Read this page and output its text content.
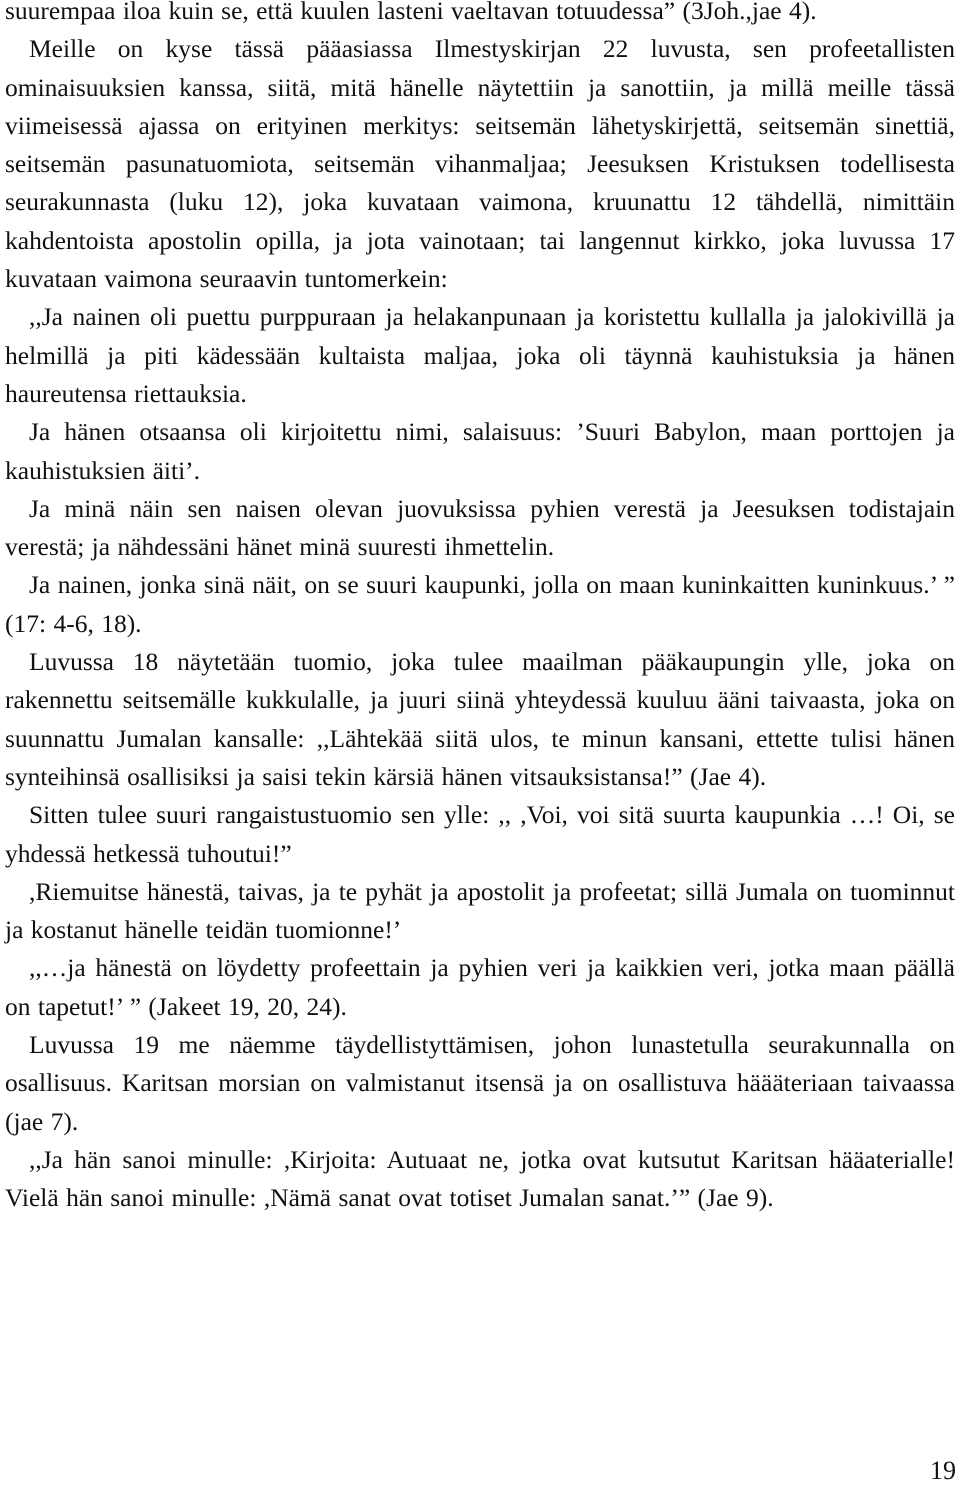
suurempaa iloa kuin se, että kuulen lasteni vaeltavan totuudessa” (3Joh.,jae 4).

Meille on kyse tässä pääasiassa Ilmestyskirjan 22 luvusta, sen profeetallisten ominaisuuksien kanssa, siitä, mitä hänelle näytettiin ja sanottiin, ja millä meille tässä viimeisessä ajassa on erityinen merkitys: seitsemän lähetyskirjettä, seitsemän sinettiä, seitsemän pasunatuomiota, seitsemän vihanmaljaa; Jeesuksen Kristuksen todellisesta seurakunnasta (luku 12), joka kuvataan vaimona, kruunattu 12 tähdellä, nimittäin kahdentoista apostolin opilla, ja jota vainotaan; tai langennut kirkko, joka luvussa 17 kuvataan vaimona seuraavin tuntomerkein:

,,Ja nainen oli puettu purppuraan ja helakanpunaan ja koristettu kullalla ja jalokivillä ja helmillä ja piti kädessään kultaista maljaa, joka oli täynnä kauhistuksia ja hänen haureutensa riettauksia.

Ja hänen otsaansa oli kirjoitettu nimi, salaisuus: ’Suuri Babylon, maan porttojen ja kauhistuksien äiti’.

Ja minä näin sen naisen olevan juovuksissa pyhien verestä ja Jeesuksen todistajain verestä; ja nähdessäni hänet minä suuresti ihmettelin.

Ja nainen, jonka sinä näit, on se suuri kaupunki, jolla on maan kuninkaitten kuninkuus.’ ” (17: 4-6, 18).

Luvussa 18 näytetään tuomio, joka tulee maailman pääkaupungin ylle, joka on rakennettu seitsemälle kukkulalle, ja juuri siinä yhteydessä kuuluu ääni taivaasta, joka on suunnattu Jumalan kansalle: ,,Lähtekää siitä ulos, te minun kansani, ettette tulisi hänen synteihinsä osallisiksi ja saisi tekin kärsiä hänen vitsauksistansa!” (Jae 4).

Sitten tulee suuri rangaistustuomio sen ylle: ,, ,Voi, voi sitä suurta kaupunkia …! Oi, se yhdessä hetkessä tuhoutui!”

,Riemuitse hänestä, taivas, ja te pyhät ja apostolit ja profeetat; sillä Jumala on tuominnut ja kostanut hänelle teidän tuomionne!’

,,…ja hänestä on löydetty profeettain ja pyhien veri ja kaikkien veri, jotka maan päällä on tapetut!’ ” (Jakeet 19, 20, 24).

Luvussa 19 me näemme täydellistyttämisen, johon lunastetulla seurakunnalla on osallisuus. Karitsan morsian on valmistanut itsensä ja on osallistuva häääteriaan taivaassa (jae 7).

,,Ja hän sanoi minulle: ,Kirjoita: Autuaat ne, jotka ovat kutsutut Karitsan hääaterialle! Vielä hän sanoi minulle: ,Nämä sanat ovat totiset Jumalan sanat.’” (Jae 9).

19
